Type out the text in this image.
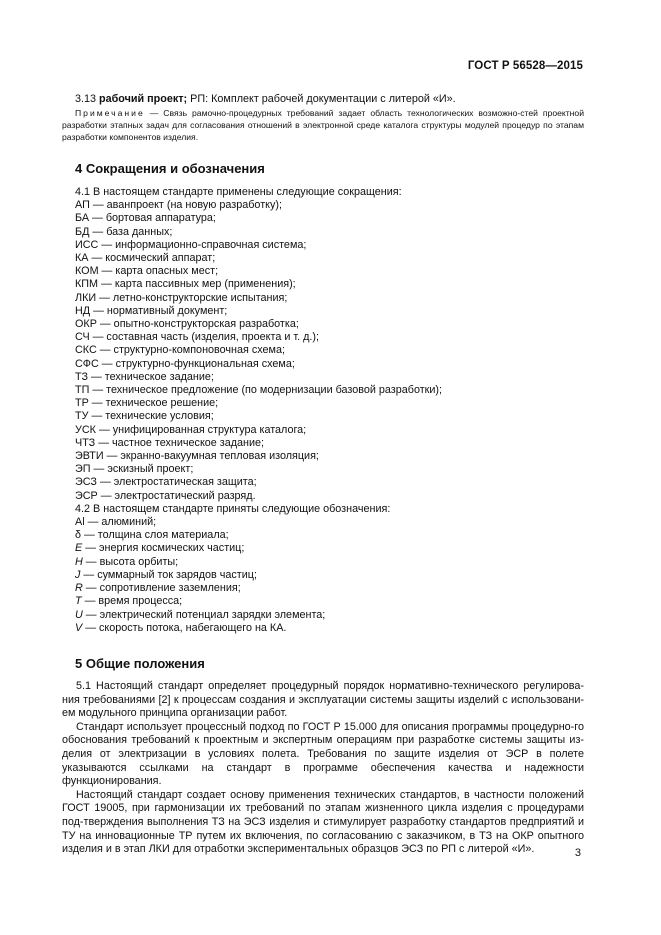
ГОСТ Р 56528—2015
3.13 рабочий проект; РП: Комплект рабочей документации с литерой «И».
Примечание — Связь рамочно-процедурных требований задает область технологических возможно-стей проектной разработки этапных задач для согласования отношений в электронной среде каталога структуры модулей процедур по этапам разработки компонентов изделия.
4 Сокращения и обозначения
4.1 В настоящем стандарте применены следующие сокращения:
АП — аванпроект (на новую разработку);
БА — бортовая аппаратура;
БД — база данных;
ИСС — информационно-справочная система;
КА — космический аппарат;
КОМ — карта опасных мест;
КПМ — карта пассивных мер (применения);
ЛКИ — летно-конструкторские испытания;
НД — нормативный документ;
ОКР — опытно-конструкторская разработка;
СЧ — составная часть (изделия, проекта и т. д.);
СКС — структурно-компоновочная схема;
СФС — структурно-функциональная схема;
ТЗ — техническое задание;
ТП — техническое предложение (по модернизации базовой разработки);
ТР — техническое решение;
ТУ — технические условия;
УСК — унифицированная структура каталога;
ЧТЗ — частное техническое задание;
ЭВТИ — экранно-вакуумная тепловая изоляция;
ЭП — эскизный проект;
ЭСЗ — электростатическая защита;
ЭСР — электростатический разряд.
4.2 В настоящем стандарте приняты следующие обозначения:
Al — алюминий;
δ — толщина слоя материала;
E — энергия космических частиц;
H — высота орбиты;
J — суммарный ток зарядов частиц;
R — сопротивление заземления;
T — время процесса;
U — электрический потенциал зарядки элемента;
V — скорость потока, набегающего на КА.
5 Общие положения
5.1 Настоящий стандарт определяет процедурный порядок нормативно-технического регулирова-ния требованиями [2] к процессам создания и эксплуатации системы защиты изделий с использовани-ем модульного принципа организации работ.
Стандарт использует процессный подход по ГОСТ Р 15.000 для описания программы процедурно-го обоснования требований к проектным и экспертным операциям при разработке системы защиты из-делия от электризации в условиях полета. Требования по защите изделия от ЭСР в полете указываются ссылками на стандарт в программе обеспечения качества и надежности функционирования.
Настоящий стандарт создает основу применения технических стандартов, в частности положений ГОСТ 19005, при гармонизации их требований по этапам жизненного цикла изделия с процедурами под-тверждения выполнения ТЗ на ЭСЗ изделия и стимулирует разработку стандартов предприятий и ТУ на инновационные ТР путем их включения, по согласованию с заказчиком, в ТЗ на ОКР опытного изделия и в этап ЛКИ для отработки экспериментальных образцов ЭСЗ по РП с литерой «И».	3
